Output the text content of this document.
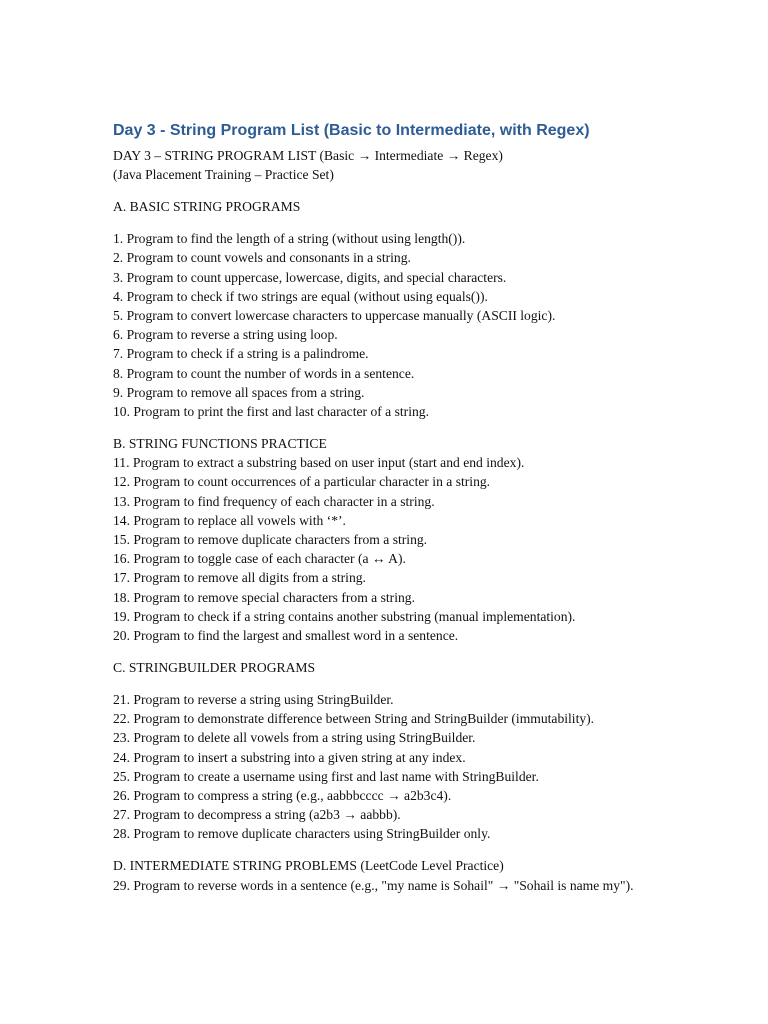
Day 3 - String Program List (Basic to Intermediate, with Regex)
DAY 3 – STRING PROGRAM LIST (Basic → Intermediate → Regex)
(Java Placement Training – Practice Set)
A. BASIC STRING PROGRAMS
1. Program to find the length of a string (without using length()).
2. Program to count vowels and consonants in a string.
3. Program to count uppercase, lowercase, digits, and special characters.
4. Program to check if two strings are equal (without using equals()).
5. Program to convert lowercase characters to uppercase manually (ASCII logic).
6. Program to reverse a string using loop.
7. Program to check if a string is a palindrome.
8. Program to count the number of words in a sentence.
9. Program to remove all spaces from a string.
10. Program to print the first and last character of a string.
B. STRING FUNCTIONS PRACTICE
11. Program to extract a substring based on user input (start and end index).
12. Program to count occurrences of a particular character in a string.
13. Program to find frequency of each character in a string.
14. Program to replace all vowels with ‘*’.
15. Program to remove duplicate characters from a string.
16. Program to toggle case of each character (a ↔ A).
17. Program to remove all digits from a string.
18. Program to remove special characters from a string.
19. Program to check if a string contains another substring (manual implementation).
20. Program to find the largest and smallest word in a sentence.
C. STRINGBUILDER PROGRAMS
21. Program to reverse a string using StringBuilder.
22. Program to demonstrate difference between String and StringBuilder (immutability).
23. Program to delete all vowels from a string using StringBuilder.
24. Program to insert a substring into a given string at any index.
25. Program to create a username using first and last name with StringBuilder.
26. Program to compress a string (e.g., aabbbcccc → a2b3c4).
27. Program to decompress a string (a2b3 → aabbb).
28. Program to remove duplicate characters using StringBuilder only.
D. INTERMEDIATE STRING PROBLEMS (LeetCode Level Practice)
29. Program to reverse words in a sentence (e.g., "my name is Sohail" → "Sohail is name my").
